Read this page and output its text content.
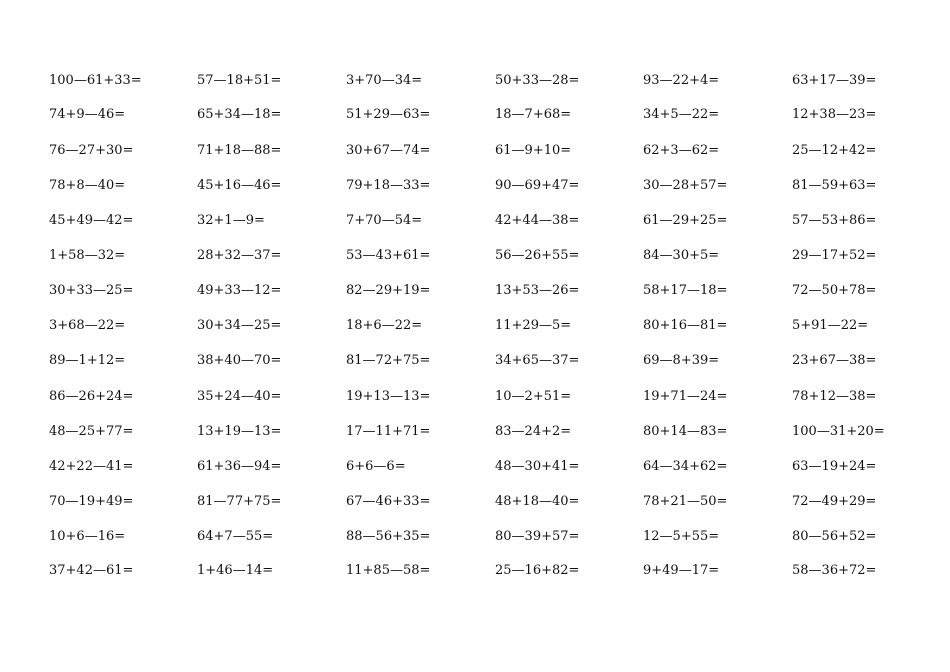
100—61+33=	57—18+51=	3+70—34=	50+33—28=	93—22+4=	63+17—39=
74+9—46=	65+34—18=	51+29—63=	18—7+68=	34+5—22=	12+38—23=
76—27+30=	71+18—88=	30+67—74=	61—9+10=	62+3—62=	25—12+42=
78+8—40=	45+16—46=	79+18—33=	90—69+47=	30—28+57=	81—59+63=
45+49—42=	32+1—9=	7+70—54=	42+44—38=	61—29+25=	57—53+86=
1+58—32=	28+32—37=	53—43+61=	56—26+55=	84—30+5=	29—17+52=
30+33—25=	49+33—12=	82—29+19=	13+53—26=	58+17—18=	72—50+78=
3+68—22=	30+34—25=	18+6—22=	11+29—5=	80+16—81=	5+91—22=
89—1+12=	38+40—70=	81—72+75=	34+65—37=	69—8+39=	23+67—38=
86—26+24=	35+24—40=	19+13—13=	10—2+51=	19+71—24=	78+12—38=
48—25+77=	13+19—13=	17—11+71=	83—24+2=	80+14—83=	100—31+20=
42+22—41=	61+36—94=	6+6—6=	48—30+41=	64—34+62=	63—19+24=
70—19+49=	81—77+75=	67—46+33=	48+18—40=	78+21—50=	72—49+29=
10+6—16=	64+7—55=	88—56+35=	80—39+57=	12—5+55=	80—56+52=
37+42—61=	1+46—14=	11+85—58=	25—16+82=	9+49—17=	58—36+72=
